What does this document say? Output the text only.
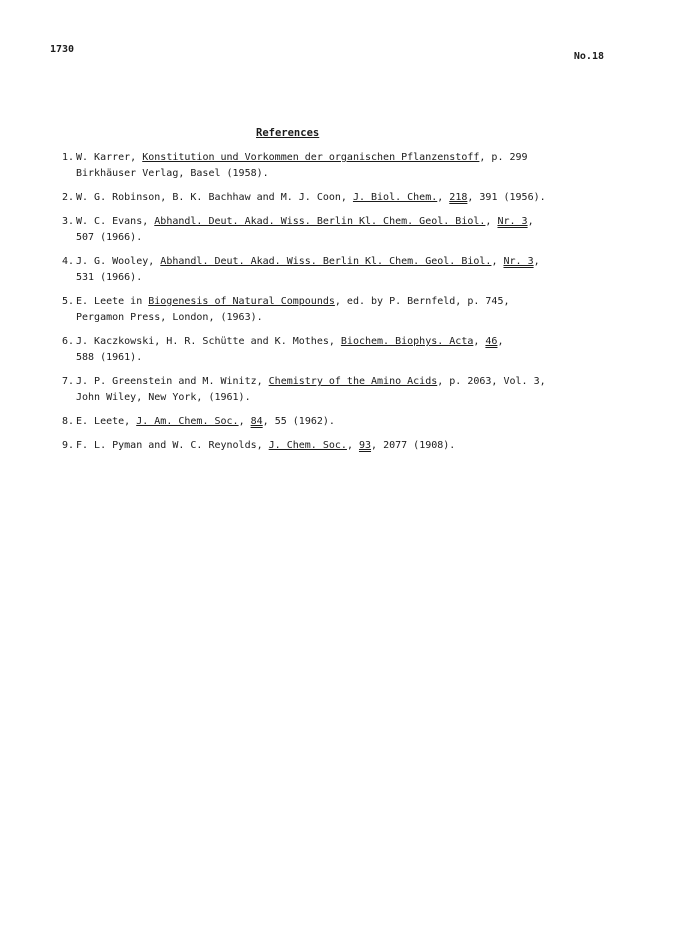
1730
No.18
References
1. W. Karrer, Konstitution und Vorkommen der organischen Pflanzenstoff, p. 299
Birkhäuser Verlag, Basel (1958).
2. W. G. Robinson, B. K. Bachhaw and M. J. Coon, J. Biol. Chem., 218, 391 (1956).
3. W. C. Evans, Abhandl. Deut. Akad. Wiss. Berlin Kl. Chem. Geol. Biol., Nr. 3,
507 (1966).
4. J. G. Wooley, Abhandl. Deut. Akad. Wiss. Berlin Kl. Chem. Geol. Biol., Nr. 3,
531 (1966).
5. E. Leete in Biogenesis of Natural Compounds, ed. by P. Bernfeld, p. 745,
Pergamon Press, London, (1963).
6. J. Kaczkowski, H. R. Schütte and K. Mothes, Biochem. Biophys. Acta, 46,
588 (1961).
7. J. P. Greenstein and M. Winitz, Chemistry of the Amino Acids, p. 2063, Vol. 3,
John Wiley, New York, (1961).
8. E. Leete, J. Am. Chem. Soc., 84, 55 (1962).
9. F. L. Pyman and W. C. Reynolds, J. Chem. Soc., 93, 2077 (1908).
